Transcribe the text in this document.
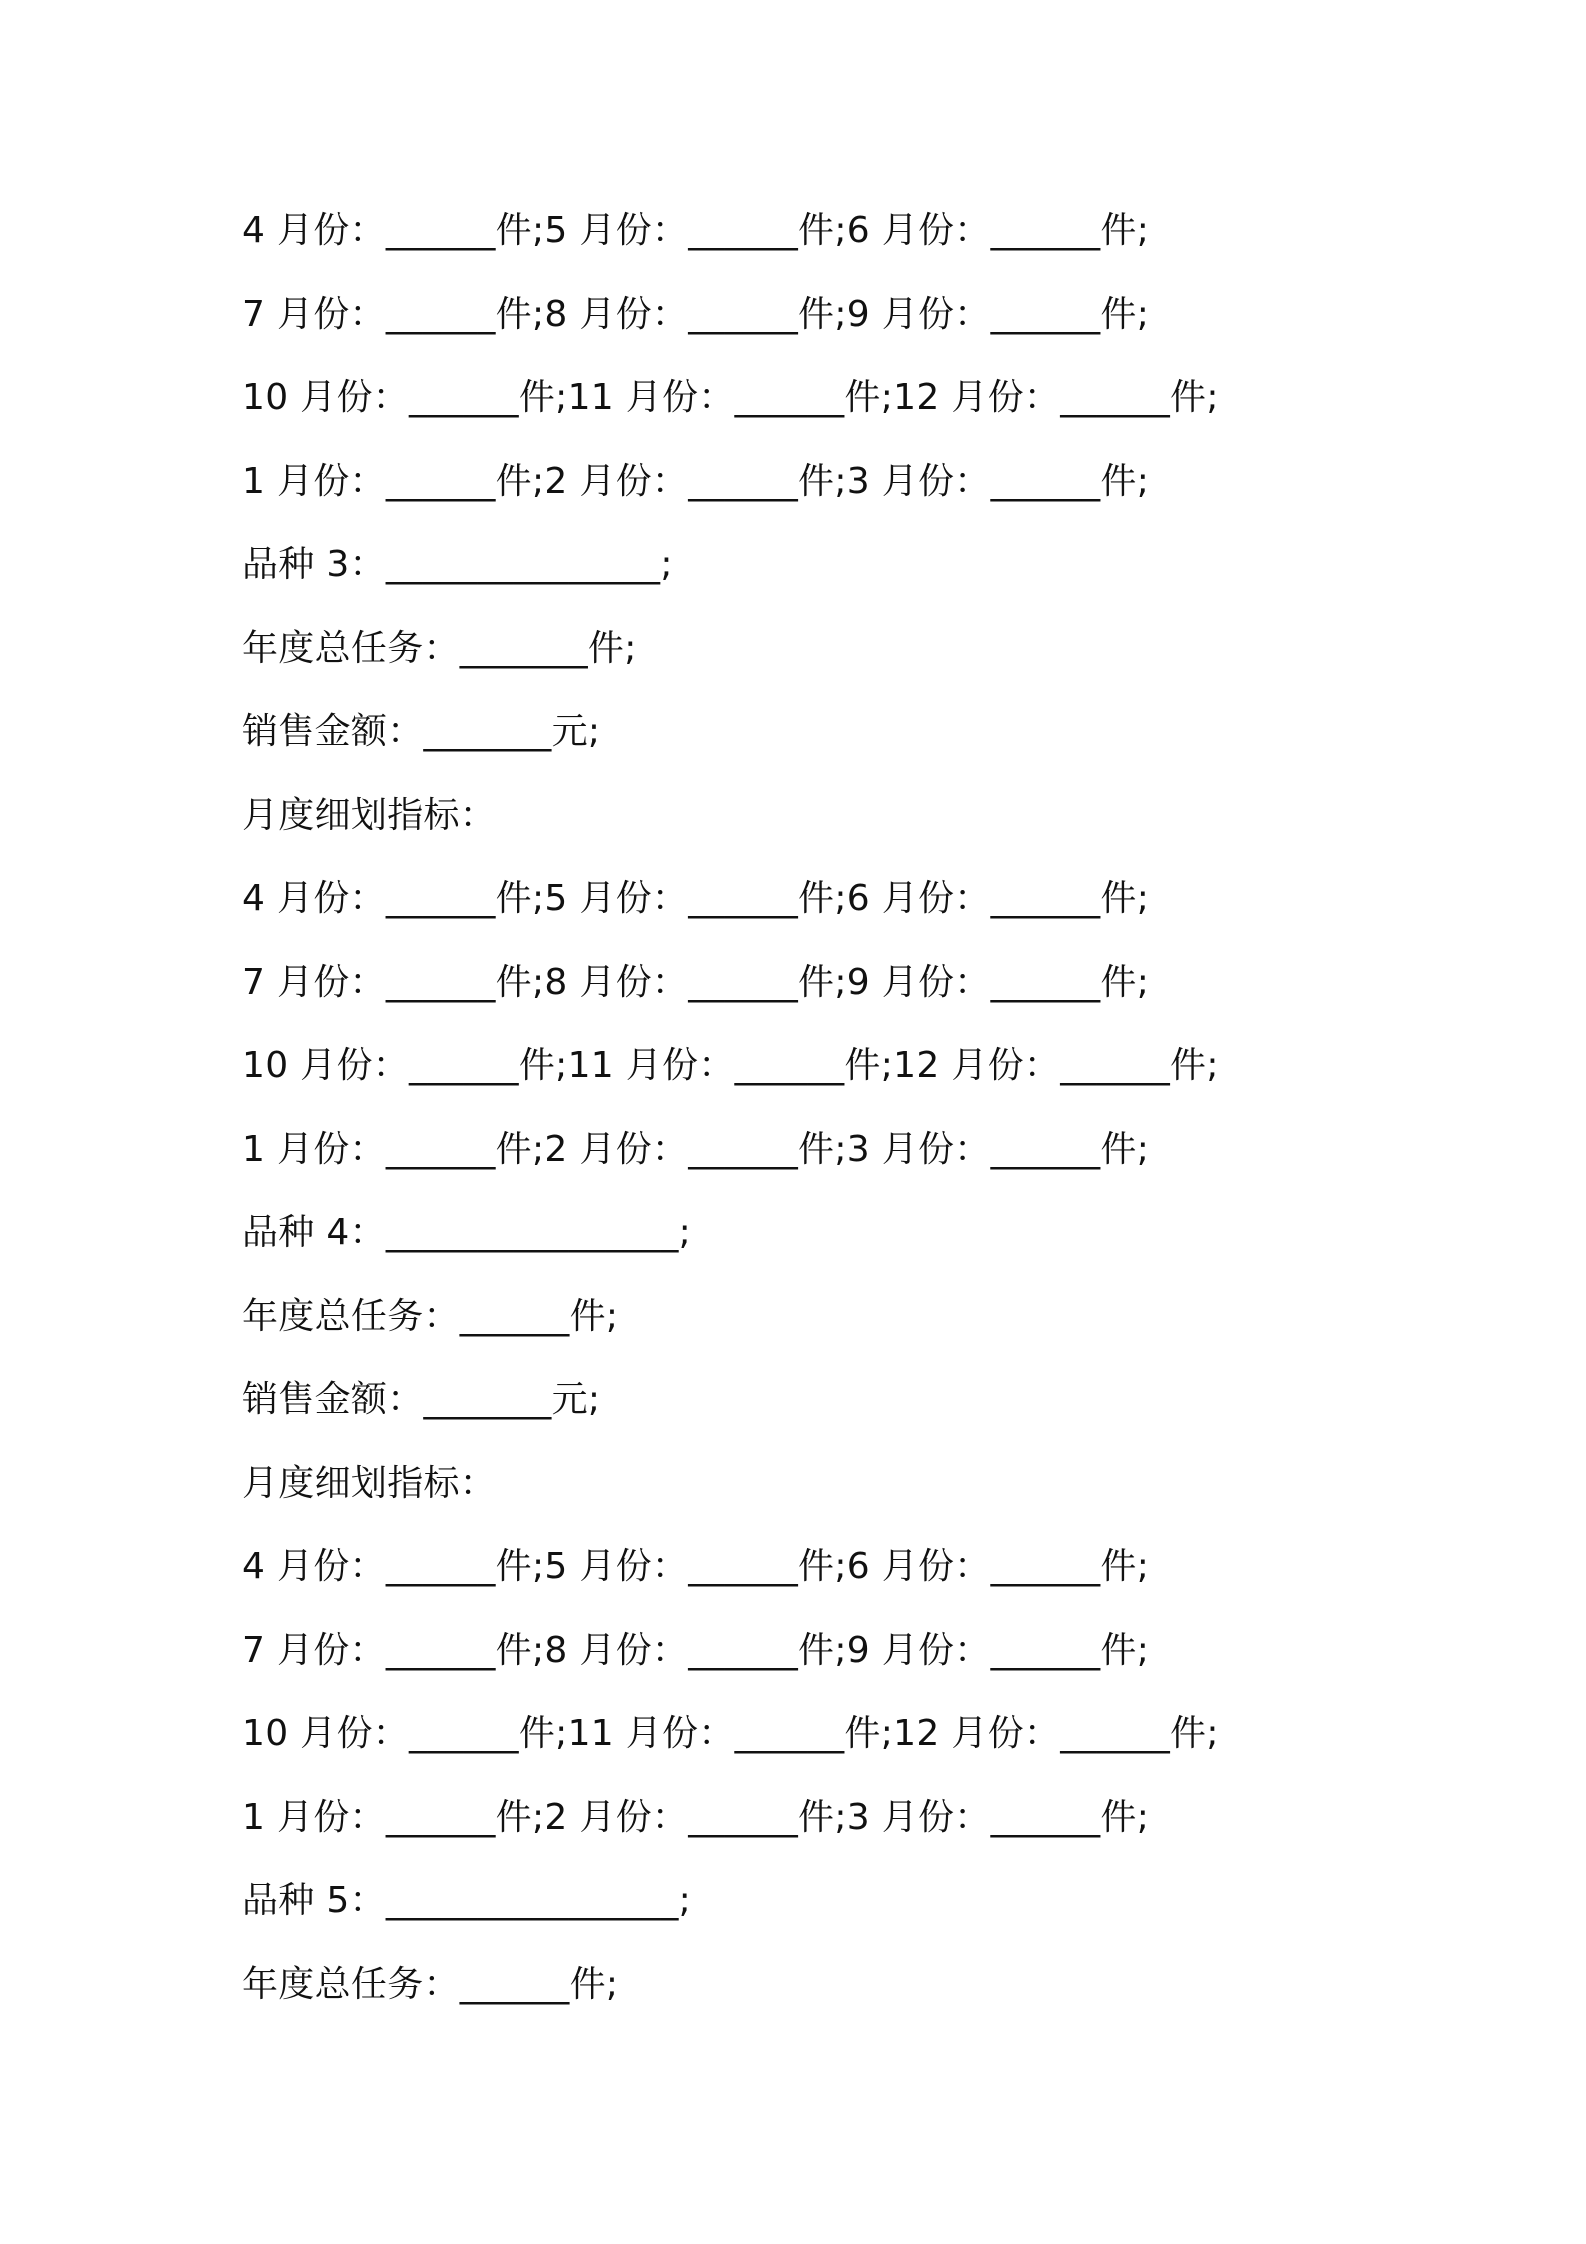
4 月份：______件;5 月份：______件;6 月份：______件;
7 月份：______件;8 月份：______件;9 月份：______件;
10 月份：______件;11 月份：______件;12 月份：______件;
1 月份：______件;2 月份：______件;3 月份：______件;
品种 3：_______________;
年度总任务：_______件;
销售金额：_______元;
月度细划指标：
4 月份：______件;5 月份：______件;6 月份：______件;
7 月份：______件;8 月份：______件;9 月份：______件;
10 月份：______件;11 月份：______件;12 月份：______件;
1 月份：______件;2 月份：______件;3 月份：______件;
品种 4：________________;
年度总任务：______件;
销售金额：_______元;
月度细划指标：
4 月份：______件;5 月份：______件;6 月份：______件;
7 月份：______件;8 月份：______件;9 月份：______件;
10 月份：______件;11 月份：______件;12 月份：______件;
1 月份：______件;2 月份：______件;3 月份：______件;
品种 5：________________;
年度总任务：______件;
